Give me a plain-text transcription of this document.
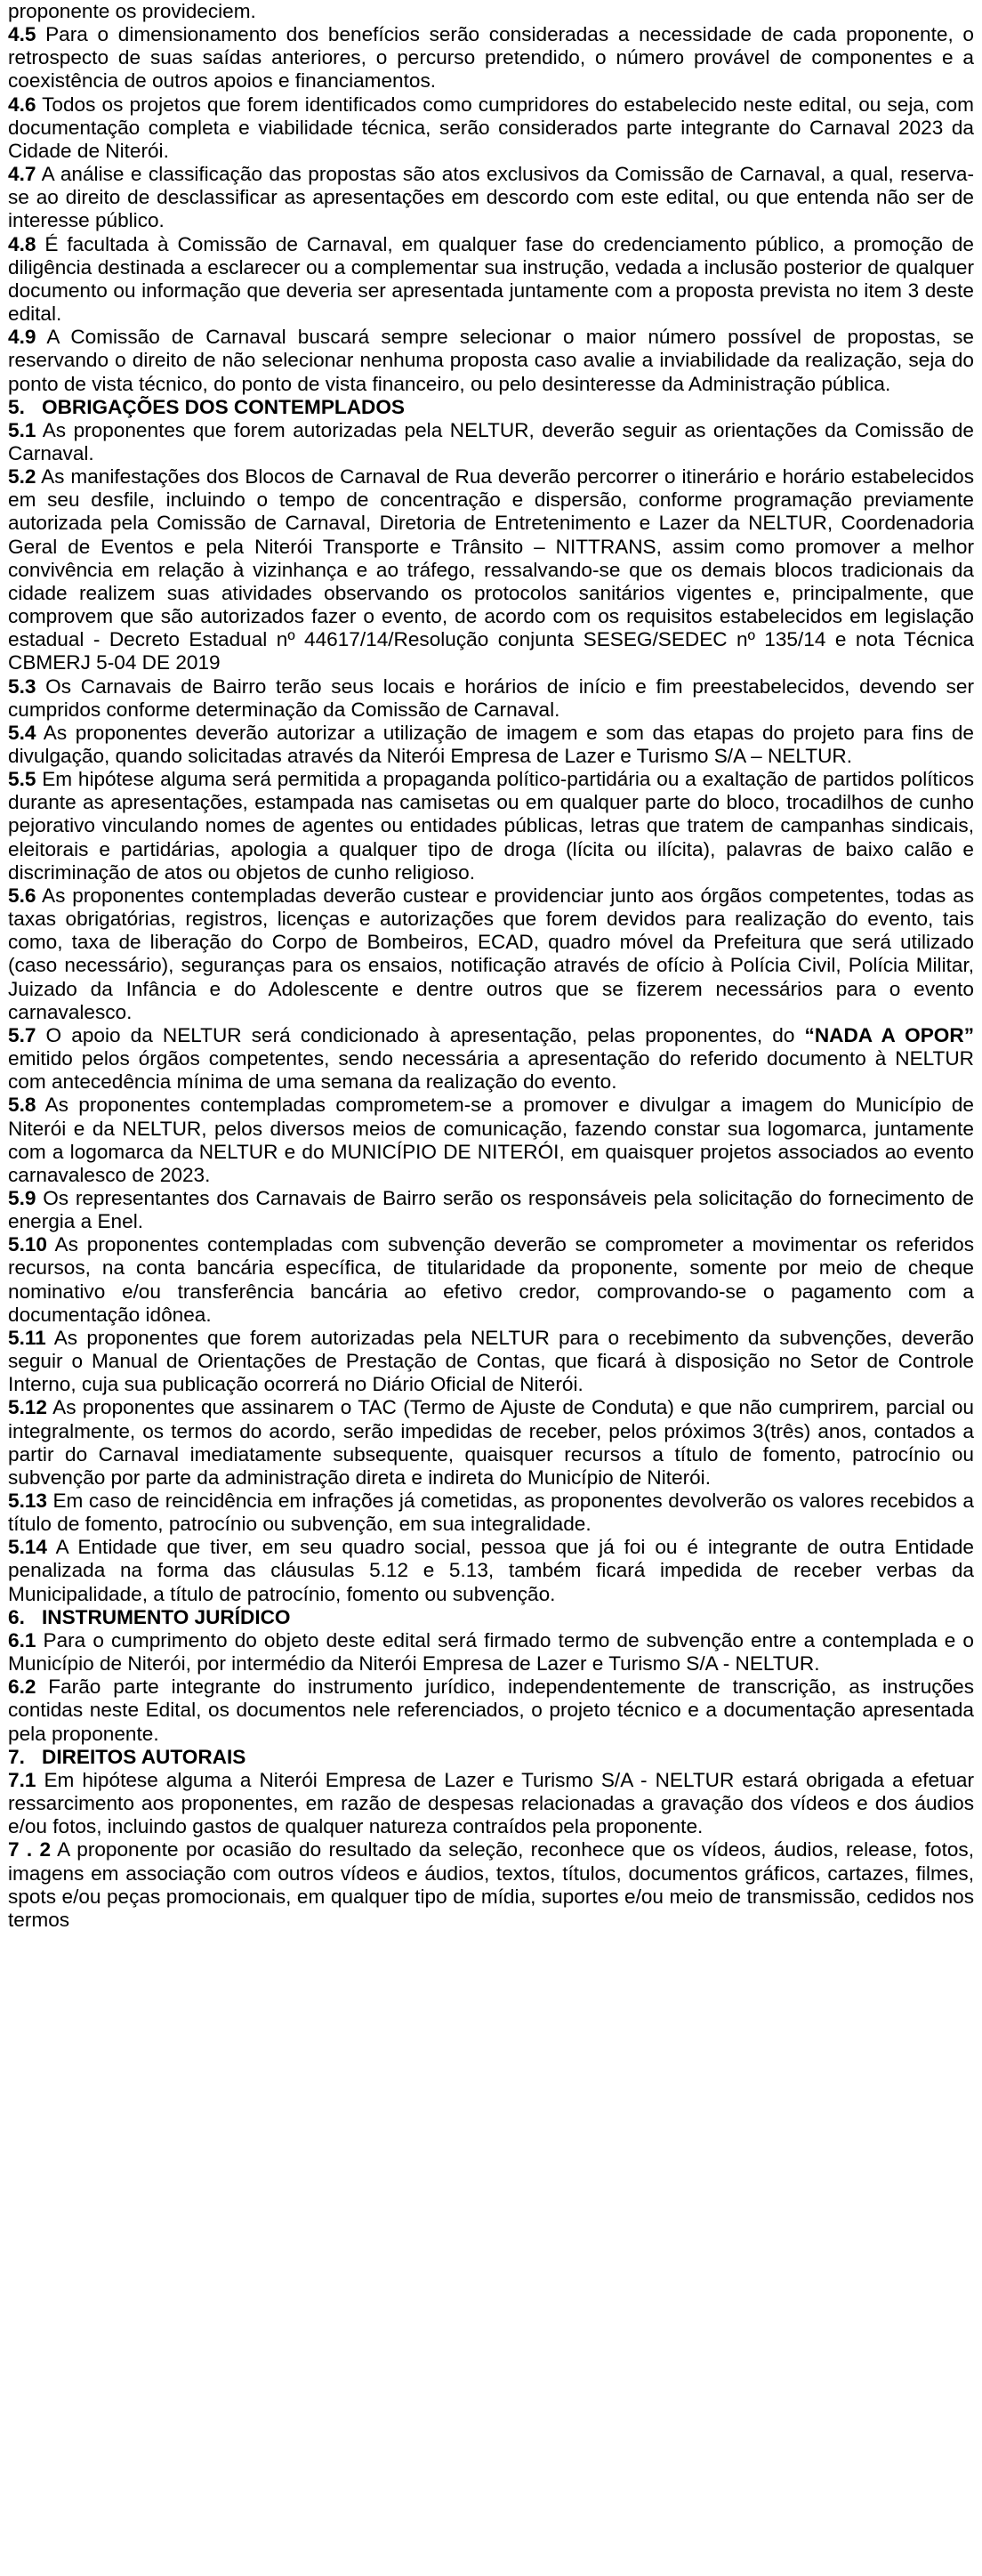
proponente os provideciem.

4.5 Para o dimensionamento dos benefícios serão consideradas a necessidade de cada proponente, o retrospecto de suas saídas anteriores, o percurso pretendido, o número provável de componentes e a coexistência de outros apoios e financiamentos.

4.6 Todos os projetos que forem identificados como cumpridores do estabelecido neste edital, ou seja, com documentação completa e viabilidade técnica, serão considerados parte integrante do Carnaval 2023 da Cidade de Niterói.

4.7 A análise e classificação das propostas são atos exclusivos da Comissão de Carnaval, a qual, reserva-se ao direito de desclassificar as apresentações em descordo com este edital, ou que entenda não ser de interesse público.

4.8 É facultada à Comissão de Carnaval, em qualquer fase do credenciamento público, a promoção de diligência destinada a esclarecer ou a complementar sua instrução, vedada a inclusão posterior de qualquer documento ou informação que deveria ser apresentada juntamente com a proposta prevista no item 3 deste edital.

4.9 A Comissão de Carnaval buscará sempre selecionar o maior número possível de propostas, se reservando o direito de não selecionar nenhuma proposta caso avalie a inviabilidade da realização, seja do ponto de vista técnico, do ponto de vista financeiro, ou pelo desinteresse da Administração pública.

5. OBRIGAÇÕES DOS CONTEMPLADOS

5.1 As proponentes que forem autorizadas pela NELTUR, deverão seguir as orientações da Comissão de Carnaval.

5.2 As manifestações dos Blocos de Carnaval de Rua deverão percorrer o itinerário e horário estabelecidos em seu desfile, incluindo o tempo de concentração e dispersão, conforme programação previamente autorizada pela Comissão de Carnaval, Diretoria de Entretenimento e Lazer da NELTUR, Coordenadoria Geral de Eventos e pela Niterói Transporte e Trânsito – NITTRANS, assim como promover a melhor convivência em relação à vizinhança e ao tráfego, ressalvando-se que os demais blocos tradicionais da cidade realizem suas atividades observando os protocolos sanitários vigentes e, principalmente, que comprovem que são autorizados fazer o evento, de acordo com os requisitos estabelecidos em legislação estadual - Decreto Estadual nº 44617/14/Resolução conjunta SESEG/SEDEC nº 135/14 e nota Técnica CBMERJ 5-04 DE 2019

5.3 Os Carnavais de Bairro terão seus locais e horários de início e fim preestabelecidos, devendo ser cumpridos conforme determinação da Comissão de Carnaval.

5.4 As proponentes deverão autorizar a utilização de imagem e som das etapas do projeto para fins de divulgação, quando solicitadas através da Niterói Empresa de Lazer e Turismo S/A – NELTUR.

5.5 Em hipótese alguma será permitida a propaganda político-partidária ou a exaltação de partidos políticos durante as apresentações, estampada nas camisetas ou em qualquer parte do bloco, trocadilhos de cunho pejorativo vinculando nomes de agentes ou entidades públicas, letras que tratem de campanhas sindicais, eleitorais e partidárias, apologia a qualquer tipo de droga (lícita ou ilícita), palavras de baixo calão e discriminação de atos ou objetos de cunho religioso.

5.6 As proponentes contempladas deverão custear e providenciar junto aos órgãos competentes, todas as taxas obrigatórias, registros, licenças e autorizações que forem devidos para realização do evento, tais como, taxa de liberação do Corpo de Bombeiros, ECAD, quadro móvel da Prefeitura que será utilizado (caso necessário), seguranças para os ensaios, notificação através de ofício à Polícia Civil, Polícia Militar, Juizado da Infância e do Adolescente e dentre outros que se fizerem necessários para o evento carnavalesco.

5.7 O apoio da NELTUR será condicionado à apresentação, pelas proponentes, do “NADA A OPOR” emitido pelos órgãos competentes, sendo necessária a apresentação do referido documento à NELTUR com antecedência mínima de uma semana da realização do evento.

5.8 As proponentes contempladas comprometem-se a promover e divulgar a imagem do Município de Niterói e da NELTUR, pelos diversos meios de comunicação, fazendo constar sua logomarca, juntamente com a logomarca da NELTUR e do MUNICÍPIO DE NITERÓI, em quaisquer projetos associados ao evento carnavalesco de 2023.

5.9 Os representantes dos Carnavais de Bairro serão os responsáveis pela solicitação do fornecimento de energia a Enel.

5.10 As proponentes contempladas com subvenção deverão se comprometer a movimentar os referidos recursos, na conta bancária específica, de titularidade da proponente, somente por meio de cheque nominativo e/ou transferência bancária ao efetivo credor, comprovando-se o pagamento com a documentação idônea.

5.11 As proponentes que forem autorizadas pela NELTUR para o recebimento da subvenções, deverão seguir o Manual de Orientações de Prestação de Contas, que ficará à disposição no Setor de Controle Interno, cuja sua publicação ocorrerá no Diário Oficial de Niterói.

5.12 As proponentes que assinarem o TAC (Termo de Ajuste de Conduta) e que não cumprirem, parcial ou integralmente, os termos do acordo, serão impedidas de receber, pelos próximos 3(três) anos, contados a partir do Carnaval imediatamente subsequente, quaisquer recursos a título de fomento, patrocínio ou subvenção por parte da administração direta e indireta do Município de Niterói.

5.13 Em caso de reincidência em infrações já cometidas, as proponentes devolverão os valores recebidos a título de fomento, patrocínio ou subvenção, em sua integralidade.

5.14 A Entidade que tiver, em seu quadro social, pessoa que já foi ou é integrante de outra Entidade penalizada na forma das cláusulas 5.12 e 5.13, também ficará impedida de receber verbas da Municipalidade, a título de patrocínio, fomento ou subvenção.

6. INSTRUMENTO JURÍDICO

6.1 Para o cumprimento do objeto deste edital será firmado termo de subvenção entre a contemplada e o Município de Niterói, por intermédio da Niterói Empresa de Lazer e Turismo S/A - NELTUR.

6.2 Farão parte integrante do instrumento jurídico, independentemente de transcrição, as instruções contidas neste Edital, os documentos nele referenciados, o projeto técnico e a documentação apresentada pela proponente.

7. DIREITOS AUTORAIS

7.1 Em hipótese alguma a Niterói Empresa de Lazer e Turismo S/A - NELTUR estará obrigada a efetuar ressarcimento aos proponentes, em razão de despesas relacionadas a gravação dos vídeos e dos áudios e/ou fotos, incluindo gastos de qualquer natureza contraídos pela proponente.

7 . 2 A proponente por ocasião do resultado da seleção, reconhece que os vídeos, áudios, release, fotos, imagens em associação com outros vídeos e áudios, textos, títulos, documentos gráficos, cartazes, filmes, spots e/ou peças promocionais, em qualquer tipo de mídia, suportes e/ou meio de transmissão, cedidos nos termos
